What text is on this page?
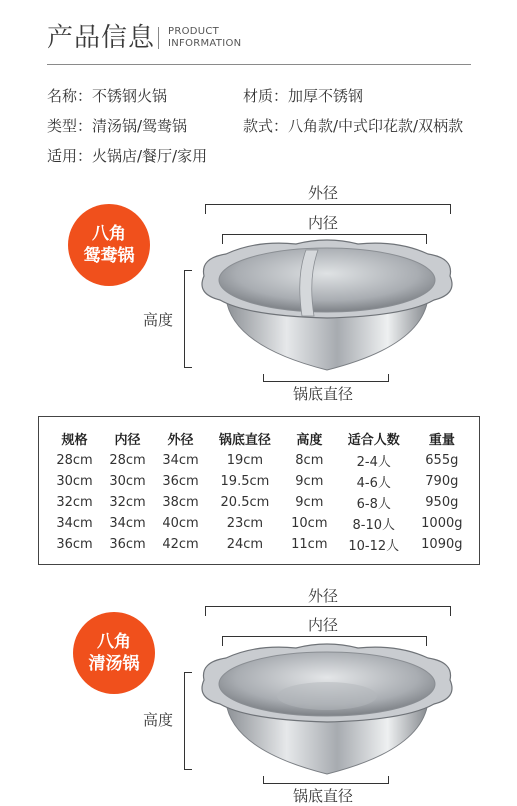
产品信息 PRODUCT
INFORMATION
名称：不锈钢火锅	材质：加厚不锈钢
类型：清汤锅/鸳鸯锅	款式：八角款/中式印花款/双柄款
适用：火锅店/餐厅/家用
外径
内径
八角
鸳鸯锅
高度
锅底直径
规格	内径	外径	锅底直径	高度	适合人数	重量
28cm	28cm	34cm	19cm	8cm	2-4人	655g
30cm	30cm	36cm	19.5cm	9cm	4-6人	790g
32cm	32cm	38cm	20.5cm	9cm	6-8人	950g
34cm	34cm	40cm	23cm	10cm	8-10人	1000g
36cm	36cm	42cm	24cm	11cm	10-12人	1090g
外径
内径
八角
清汤锅
高度
锅底直径
